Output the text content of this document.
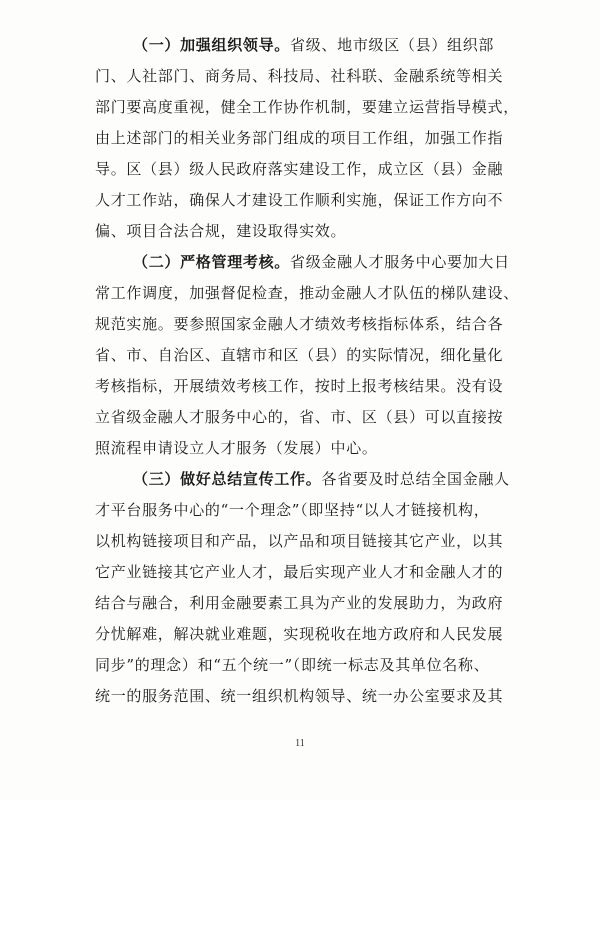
（一）加强组织领导。省级、地市级区（县）组织部
门、人社部门、商务局、科技局、社科联、金融系统等相关
部门要高度重视，健全工作协作机制，要建立运营指导模式，
由上述部门的相关业务部门组成的项目工作组，加强工作指
导。区（县）级人民政府落实建设工作，成立区（县）金融
人才工作站，确保人才建设工作顺利实施，保证工作方向不
偏、项目合法合规，建设取得实效。
（二）严格管理考核。省级金融人才服务中心要加大日
常工作调度，加强督促检查，推动金融人才队伍的梯队建设、
规范实施。要参照国家金融人才绩效考核指标体系，结合各
省、市、自治区、直辖市和区（县）的实际情况，细化量化
考核指标，开展绩效考核工作，按时上报考核结果。没有设
立省级金融人才服务中心的，省、市、区（县）可以直接按
照流程申请设立人才服务（发展）中心。
（三）做好总结宣传工作。各省要及时总结全国金融人
才平台服务中心的“一个理念”（即坚持“以人才链接机构，
以机构链接项目和产品，以产品和项目链接其它产业，以其
它产业链接其它产业人才，最后实现产业人才和金融人才的
结合与融合，利用金融要素工具为产业的发展助力，为政府
分忧解难，解决就业难题，实现税收在地方政府和人民发展
同步”的理念）和“五个统一”（即统一标志及其单位名称、
统一的服务范围、统一组织机构领导、统一办公室要求及其
11
